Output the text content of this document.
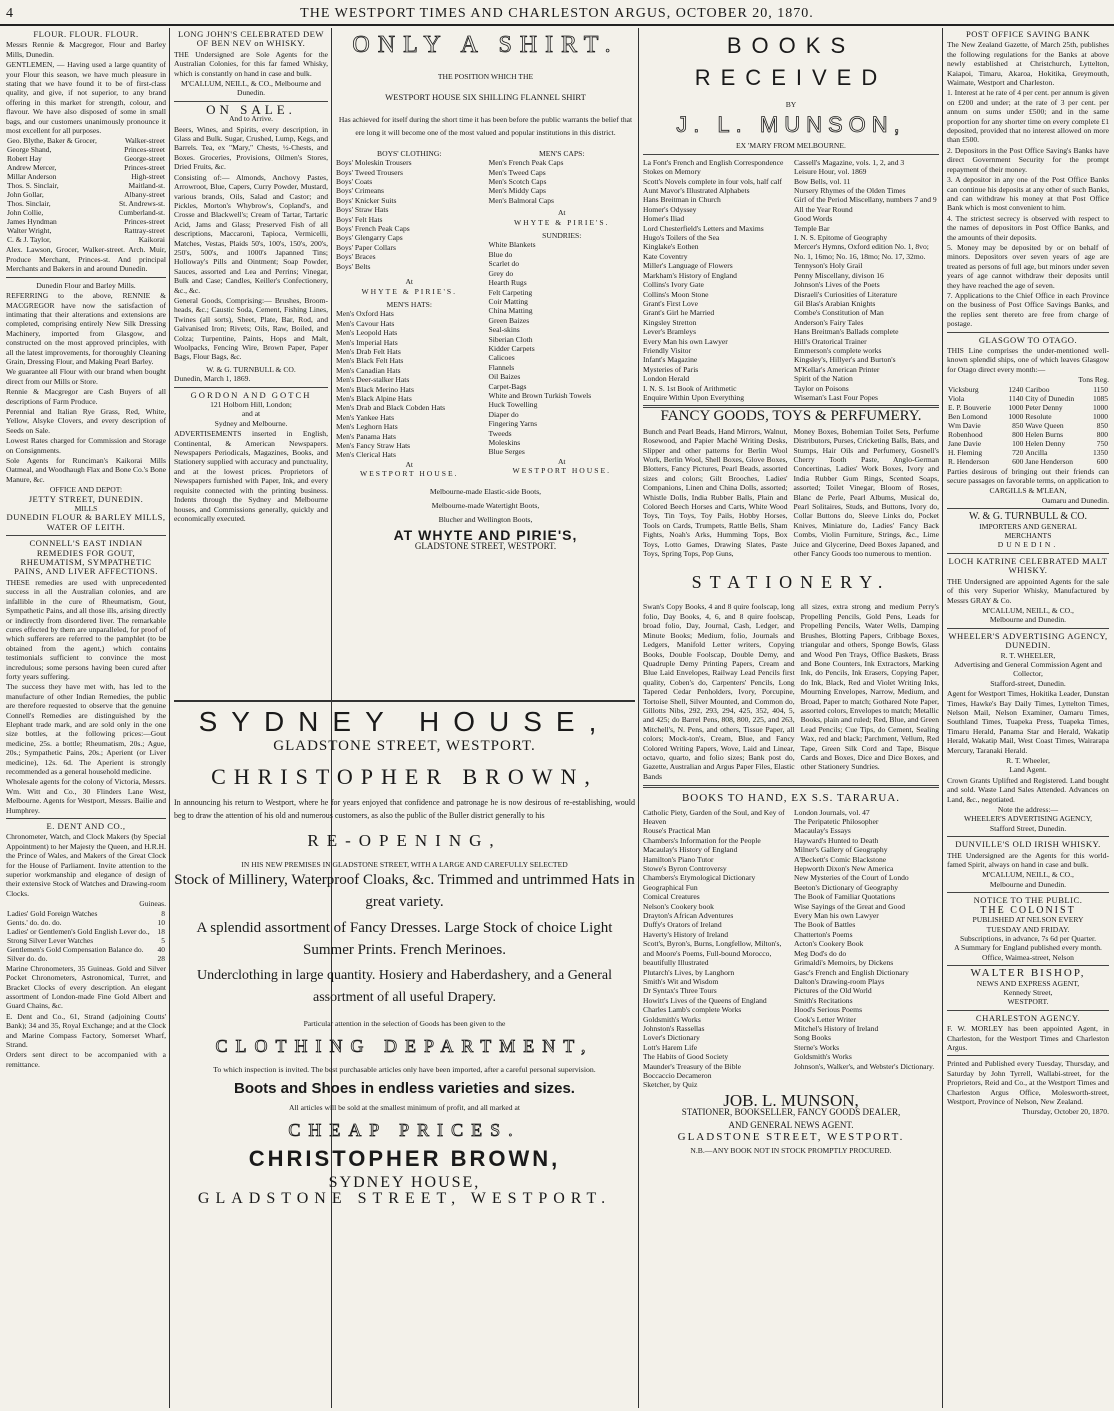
4	THE WESTPORT TIMES AND CHARLESTON ARGUS, OCTOBER 20, 1870.
FLOUR. FLOUR. FLOUR.

Messrs Rennie & Macgregor, Flour and Barley Mills, Dunedin.

GENTLEMEN, — Having used a large quantity of your Flour this season, we have much pleasure in stating that we have found it to be of first-class quality, and give, if not superior, to any brand offering in this market for strength, colour, and flavour. We have also disposed of some in small bags, and our customers unanimously pronounce it most excellent for all purposes.

Geo. Blythe, Baker & Grocer,	Walker-street
George Shand,	Princes-street
Robert Hay	George-street
Andrew Mercer,	Princes-street
Millar Anderson	High-street
Thos. S. Sinclair,	Maitland-st.
John Gollar,	Albany-street
Thos. Sinclair,	St. Andrews-st.
John Collie,	Cumberland-st.
James Hyndman	Princes-street
Walter Wright,	Rattray-street
C. & J. Taylor,	Kaikorai

Alex. Lawson, Grocer, Walker-street. Arch. Muir, Produce Merchant, Princes-st. And principal Merchants and Bakers in and around Dunedin.

Dunedin Flour and Barley Mills.

REFERRING to the above, RENNIE & MACGREGOR have now the satisfaction of intimating that their alterations and extensions are completed, comprising entirely New Silk Dressing Machinery, imported from Glasgow, and constructed on the most approved principles, with all the latest improvements, for thoroughly Cleaning Grain, Dressing Flour, and Making Pearl Barley.

We guarantee all Flour with our brand when bought direct from our Mills or Store.

Rennie & Macgregor are Cash Buyers of all descriptions of Farm Produce.

Perennial and Italian Rye Grass, Red, White, Yellow, Alsyke Clovers, and every description of Seeds on Sale.

Lowest Rates charged for Commission and Storage on Consignments.

Sole Agents for Runciman's Kaikorai Mills Oatmeal, and Woodhaugh Flax and Bone Co.'s Bone Manure, &c.

OFFICE AND DEPOT:
JETTY STREET, DUNEDIN.
MILLS
DUNEDIN FLOUR & BARLEY MILLS,
WATER OF LEITH.
CONNELL'S EAST INDIAN REMEDIES FOR GOUT, RHEUMATISM, SYMPATHETIC PAINS, AND LIVER AFFECTIONS.

THESE remedies are used with unprecedented success in all the Australian colonies, and are infallible in the cure of Rheumatism, Gout, Sympathetic Pains, and all those ills, arising directly or indirectly from disordered liver. The remarkable cures effected by them are unparalleled, for proof of which sufferers are referred to the pamphlet (to be obtained from the agent,) which contains testimonials sufficient to convince the most incredulous; some persons having been cured after forty years suffering.

The success they have met with, has led to the manufacture of other Indian Remedies, the public are therefore requested to observe that the genuine Connell's Remedies are distinguished by the Elephant trade mark, and are sold only in the one size bottles, at the following prices:—Gout medicine, 25s. a bottle; Rheumatism, 20s.; Ague, 20s.; Sympathetic Pains, 20s.; Aperient (or Liver medicine), 12s. 6d. The Aperient is strongly recommended as a general household medicine.

Wholesale agents for the colony of Victoria, Messrs. Wm. Witt and Co., 30 Flinders Lane West, Melbourne. Agents for Westport, Messrs. Bailie and Humphrey.

E. DENT AND CO.,

Chronometer, Watch, and Clock Makers (by Special Appointment) to her Majesty the Queen, and H.R.H. the Prince of Wales, and Makers of the Great Clock for the House of Parliament. Invite attention to the superior workmanship and elegance of design of their extensive Stock of Watches and Drawing-room Clocks.

Guineas.
Ladies' Gold Foreign Watches	8
Gents.' do. do. do.	10
Ladies' or Gentlemen's Gold English Lever do.,	18
Strong Silver Lever Watches	5
Gentlemen's Gold Compensation Balance do.	40
Silver do. do.	28

Marine Chronometers, 35 Guineas. Gold and Silver Pocket Chronometers, Astronomical, Turret, and Bracket Clocks of every description. An elegant assortment of London-made Fine Gold Albert and Guard Chains, &c.

E. Dent and Co., 61, Strand (adjoining Coutts' Bank); 34 and 35, Royal Exchange; and at the Clock and Marine Compass Factory, Somerset Wharf, Strand.

Orders sent direct to be accompanied with a remittance.

LONG JOHN'S CELEBRATED DEW OF BEN NEV on WHISKY.

THE Undersigned are Sole Agents for the Australian Colonies, for this far famed Whisky, which is constantly on hand in case and bulk.

M'CALLUM, NEILL, & CO., Melbourne and Dunedin.
ON SALE.
And to Arrive.

Beers, Wines, and Spirits, every description, in Glass and Bulk. Sugar, Crushed, Lump, Kegs, and Barrels. Tea, ex "Mary," Chests, ½-Chests, and Boxes. Groceries, Provisions, Oilmen's Stores, Dried Fruits, &c.

Consisting of:— Almonds, Anchovy Pastes, Arrowroot, Blue, Capers, Curry Powder, Mustard, various brands, Oils, Salad and Castor; and Pickles, Morton's Whybrow's, Copland's, and Crosse and Blackwell's; Cream of Tartar, Tartaric Acid, Jams and Glass; Preserved Fish of all descriptions, Maccaroni, Tapioca, Vermicelli, Matches, Vestas, Plaids 50's, 100's, 150's, 200's, 250's, 500's, and 1000's Japanned Tins; Holloway's Pills and Ointment; Soap Powder, Sauces, assorted and Lea and Perrins; Vinegar, Bulk and Case; Candles, Keiller's Confectionery, &c., &c.

General Goods, Comprising:— Brushes, Broom-heads, &c.; Caustic Soda, Cement, Fishing Lines, Twines (all sorts), Sheet, Plate, Bar, Rod, and Galvanised Iron; Rivets; Oils, Raw, Boiled, and Colza; Turpentine, Paints, Hops and Malt, Woolpacks, Fencing Wire, Brown Paper, Paper Bags, Flour Bags, &c.

W. & G. TURNBULL & CO.
Dunedin, March 1, 1869.
GORDON AND GOTCH
121 Holborn Hill, London;
and at
Sydney and Melbourne.

ADVERTISEMENTS inserted in English, Continental, & American Newspapers. Newspapers Periodicals, Magazines, Books, and Stationery supplied with accuracy and punctuality, and at the lowest prices. Proprietors of Newspapers furnished with Paper, Ink, and every requisite connected with the printing business. Indents through the Sydney and Melbourne houses, and Commissions generally, quickly and economically executed.

ONLY A SHIRT.
THE POSITION WHICH THE
WESTPORT HOUSE SIX SHILLING FLANNEL SHIRT

Has achieved for itself during the short time it has been before the public warrants the belief that ere long it will become one of the most valued and popular institutions in this district.

BOYS' CLOTHING:
Boys' Moleskin Trousers
Boys' Tweed Trousers
Boys' Coats
Boys' Crimeans
Boys' Knicker Suits
Boys' Straw Hats
Boys' Felt Hats
Boys' French Peak Caps
Boys' Glengarry Caps
Boys' Paper Collars
Boys' Braces
Boys' Belts
At
WHYTE & PIRIE'S.
MEN'S HATS:
Men's Oxford Hats
Men's Cavour Hats
Men's Leopold Hats
Men's Imperial Hats
Men's Drab Felt Hats
Men's Black Felt Hats
Men's Canadian Hats
Men's Deer-stalker Hats
Men's Black Merino Hats
Men's Black Alpine Hats
Men's Drab and Black Cobden Hats
Men's Yankee Hats
Men's Leghorn Hats
Men's Panama Hats
Men's Fancy Straw Hats
Men's Clerical Hats
At
WESTPORT HOUSE.
MEN'S CAPS:
Men's French Peak Caps
Men's Tweed Caps
Men's Scotch Caps
Men's Middy Caps
Men's Balmoral Caps
At
WHYTE & PIRIE'S.
SUNDRIES:
White Blankets
Blue do
Scarlet do
Grey do
Hearth Rugs
Felt Carpeting
Coir Matting
China Matting
Green Baizes
Seal-skins
Siberian Cloth
Kidder Carpets
Calicoes
Flannels
Oil Baizes
Carpet-Bags
White and Brown Turkish Towels
Huck Towelling
Diaper do
Fingering Yarns
Tweeds
Moleskins
Blue Serges
At
WESTPORT HOUSE.
Melbourne-made Elastic-side Boots,
Melbourne-made Watertight Boots,
Blucher and Wellington Boots,
AT WHYTE AND PIRIE'S,
GLADSTONE STREET, WESTPORT.
SYDNEY HOUSE,
GLADSTONE STREET, WESTPORT.
CHRISTOPHER BROWN,

In announcing his return to Westport, where he for years enjoyed that confidence and patronage he is now desirous of re-establishing, would beg to draw the attention of his old and numerous customers, as also the public of the Buller district generally to his

RE-OPENING,
IN HIS NEW PREMISES IN GLADSTONE STREET, WITH A LARGE AND CAREFULLY SELECTED
Stock of Millinery, Waterproof Cloaks, &c. Trimmed and untrimmed Hats in great variety.
A splendid assortment of Fancy Dresses. Large Stock of choice Light Summer Prints. French Merinoes.
Underclothing in large quantity. Hosiery and Haberdashery, and a General assortment of all useful Drapery.
Particular attention in the selection of Goods has been given to the
CLOTHING DEPARTMENT,

To which inspection is invited. The best purchasable articles only have been imported, after a careful personal supervision.

Boots and Shoes in endless varieties and sizes.
All articles will be sold at the smallest minimum of profit, and all marked at
CHEAP PRICES.
CHRISTOPHER BROWN,
SYDNEY HOUSE,
GLADSTONE STREET, WESTPORT.
BOOKS RECEIVED
BY
J. L. MUNSON,
EX 'MARY FROM MELBOURNE.
La Font's French and English Correspondence
Stokes on Memory
Scott's Novels complete in four vols, half calf
Aunt Mavor's Illustrated Alphabets
Hans Breitman in Church
Homer's Odyssey
Homer's Iliad
Lord Chesterfield's Letters and Maxims
Hugo's Toilers of the Sea
Kinglake's Eothen
Kate Coventry
Miller's Language of Flowers
Markham's History of England
Collins's Ivory Gate
Collins's Moon Stone
Grant's First Love
Grant's Girl he Married
Kingsley Stretton
Lever's Bramleys
Every Man his own Lawyer
Friendly Visitor
Infant's Magazine
Mysteries of Paris
London Herald
I. N. S. 1st Book of Arithmetic
Enquire Within Upon Everything
Cassell's Magazine, vols. 1, 2, and 3
Leisure Hour, vol. 1869
Bow Bells, vol. 11
Nursery Rhymes of the Olden Times
Girl of the Period Miscellany, numbers 7 and 9
All the Year Round
Good Words
Temple Bar
I. N. S. Epitome of Geography
Mercer's Hymns, Oxford edition No. 1, 8vo; No. 1, 16mo; No. 16, 18mo; No. 17, 32mo.
Tennyson's Holy Grail
Penny Miscellany, divison 16
Johnson's Lives of the Poets
Disraeli's Curiosities of Literature
Gil Blas's Arabian Knights
Combe's Constitution of Man
Anderson's Fairy Tales
Hans Breitman's Ballads complete
Hill's Oratorical Trainer
Emmerson's complete works
Kingsley's, Hillyer's and Burton's
M'Kellar's American Printer
Spirit of the Nation
Taylor on Poisons
Wiseman's Last Four Popes
FANCY GOODS, TOYS & PERFUMERY.

Bunch and Pearl Beads, Hand Mirrors, Walnut, Rosewood, and Papier Maché Writing Desks, Slipper and other patterns for Berlin Wool Work, Berlin Wool, Shell Boxes, Glove Boxes, Blotters, Fancy Pictures, Pearl Beads, assorted sizes and colors; Gilt Brooches, Ladies' Companions, Linen and China Dolls, assorted; Whistle Dolls, India Rubber Balls, Plain and Colored Beech Horses and Carts, White Wood Toys, Tin Toys, Toy Pails, Hobby Horses, Tools on Cards, Trumpets, Rattle Bells, Sham Fights, Noah's Arks, Humming Tops, Box Toys, Lotto Games, Drawing Slates, Paste Toys, Spring Tops, Pop Guns,

Money Boxes, Bohemian Toilet Sets, Perfume Distributors, Purses, Cricketing Balls, Bats, and Stumps, Hair Oils and Perfumery, Gosnell's Cherry Tooth Paste, Anglo-German Concertinas, Ladies' Work Boxes, Ivory and India Rubber Gum Rings, Scented Soaps, assorted; Toilet Vinegar, Bloom of Roses, Blanc de Perle, Pearl Albums, Musical do, Pearl Solitaires, Studs, and Buttons, Ivory do, Collar Buttons do, Sleeve Links do, Pocket Knives, Miniature do, Ladies' Fancy Back Combs, Violin Furniture, Strings, &c., Lime Juice and Glycerine, Deed Boxes Japaned, and other Fancy Goods too numerous to mention.

STATIONERY.

Swan's Copy Books, 4 and 8 quire foolscap, long folio, Day Books, 4, 6, and 8 quire foolscap, broad folio, Day, Journal, Cash, Ledger, and Minute Books; Medium, folio, Journals and Ledgers, Manifold Letter writers, Copying Books, Double Foolscap, Double Demy, and Quadruple Demy Printing Papers, Cream and Blue Laid Envelopes, Railway Lead Pencils first quality, Coben's do, Carpenters' Pencils, Long Tapered Cedar Penholders, Ivory, Porcupine, Tortoise Shell, Silver Mounted, and Common do, Gillotts Nibs, 292, 293, 294, 425, 352, 404, 5, and 425; do Barrel Pens, 808, 800, 225, and 263, Mitchell's, N. Pens, and others, Tissue Paper, all colors; Mock-ton's, Cream, Blue, and Fancy Colored Writing Papers, Wove, Laid and Linear, octavo, quarto, and folio sizes; Bank post do, Gazette, Australian and Argus Paper Files, Elastic Bands

all sizes, extra strong and medium Perry's Propelling Pencils, Gold Pens, Leads for Propelling Pencils, Water Wells, Damping Brushes, Blotting Papers, Cribbage Boxes, triangular and others, Sponge Bowls, Glass and Wood Pen Trays, Office Baskets, Brass and Bone Counters, Ink Extractors, Marking Ink, do Pencils, Ink Erasers, Copying Paper, do Ink, Black, Red and Violet Writing Inks, Mourning Envelopes, Narrow, Medium, and Broad, Paper to match; Gothared Note Paper, assorted colors, Envelopes to match; Metallic Books, plain and ruled; Red, Blue, and Green Lead Pencils; Cue Tips, do Cement, Sealing Wax, red and black; Parchment, Vellum, Red Tape, Green Silk Cord and Tape, Bisque Cards and Boxes, Dice and Dice Boxes, and other Stationery Sundries.

BOOKS TO HAND, EX S.S. TARARUA.
Catholic Piety, Garden of the Soul, and Key of Heaven
Rouse's Practical Man
Chambers's Information for the People
Macaulay's History of England
Hamilton's Piano Tutor
Stowe's Byron Controversy
Chambers's Etymological Dictionary
Geographical Fun
Comical Creatures
Nelson's Cookery book
Drayton's African Adventures
Duffy's Orators of Ireland
Haverty's History of Ireland
Scott's, Byron's, Burns, Longfellow, Milton's, and Moore's Poems, Full-bound Morocco, beautifully Illustrated
Plutarch's Lives, by Langhorn
Smith's Wit and Wisdom
Dr Syntax's Three Tours
Howitt's Lives of the Queens of England
Charles Lamb's complete Works
Goldsmith's Works
Johnston's Rassellas
Lover's Dictionary
Lott's Harem Life
The Habits of Good Society
Maunder's Treasury of the Bible
Boccaccio Decameron
Sketcher, by Quiz
London Journals, vol. 47
The Peripatetic Philosopher
Macaulay's Essays
Hayward's Hunted to Death
Milner's Gallery of Geography
A'Beckett's Comic Blackstone
Hepworth Dixon's New America
New Mysteries of the Court of Londo
Beeton's Dictionary of Geography
The Book of Familiar Quotations
Wise Sayings of the Great and Good
Every Man his own Lawyer
The Book of Battles
Chatterton's Poems
Acton's Cookery Book
Meg Dod's do do
Grimaldi's Memoirs, by Dickens
Gasc's French and English Dictionary
Dalton's Drawing-room Plays
Pictures of the Old World
Smith's Recitations
Hood's Serious Poems
Cook's Letter Writer
Mitchel's History of Ireland
Song Books
Sterne's Works
Goldsmith's Works
Johnson's, Walker's, and Webster's Dictionary.
JOB. L. MUNSON,
STATIONER, BOOKSELLER, FANCY GOODS DEALER,
AND GENERAL NEWS AGENT.
GLADSTONE STREET, WESTPORT.
N.B.—ANY BOOK NOT IN STOCK PROMPTLY PROCURED.
POST OFFICE SAVING BANK

The New Zealand Gazette, of March 25th, publishes the following regulations for the Banks at above newly established at Christchurch, Lyttelton, Kaiapoi, Timaru, Akaroa, Hokitika, Greymouth, Waimate, Westport and Charleston.

1. Interest at he rate of 4 per cent. per annum is given on £200 and under; at the rate of 3 per cent. per annum on sums under £500; and in the same proportion for any shorter time on every complete £1 deposited, provided that no interest allowed on more than £500.

2. Depositors in the Post Office Saving's Banks have direct Government Security for the prompt repayment of their money.

3. A depositor in any one of the Post Office Banks can continue his deposits at any other of such Banks, and can withdraw his money at that Post Office Bank which is most convenient to him.

4. The strictest secrecy is observed with respect to the names of depositors in Post Office Banks, and the amounts of their deposits.

5. Money may be deposited by or on behalf of minors. Depositors over seven years of age are treated as persons of full age, but minors under seven years of age cannot withdraw their deposits until they have reached the age of seven.

7. Applications to the Chief Office in each Province on the business of Post Office Savings Banks, and the replies sent thereto are free from charge of postage.

GLASGOW TO OTAGO.

THIS Line comprises the under-mentioned well-known splendid ships, one of which leaves Glasgow for Otago direct every month:—

Tons Reg.
Vicksburg	1240	Cariboo	1150
Viola	1140	City of Dunedin	1085
E. P. Bouverie	1000	Peter Denny	1000
Ben Lomond	1000	Resolute	1000
Wm Davie	850	Wave Queen	850
Robenhood	800	Helen Burns	800
Jane Davie	100	Helen Denny	750
H. Fleming	720	Ancilla	1350
R. Henderson	600	Jane Henderson	600

Parties desirous of bringing out their friends can secure passages on favorable terms, on application to

CARGILLS & M'LEAN,
Oamaru and Dunedin.
W. & G. TURNBULL & CO.
IMPORTERS AND GENERAL
MERCHANTS
DUNEDIN.
LOCH KATRINE CELEBRATED MALT WHISKY.

THE Undersigned are appointed Agents for the sale of this very Superior Whisky, Manufactured by Messrs GRAY & Co.

M'CALLUM, NEILL, & CO.,
Melbourne and Dunedin.
WHEELER'S ADVERTISING AGENCY, DUNEDIN.
R. T. WHEELER,
Advertising and General Commission Agent and Collector,
Stafford-street, Dunedin.

Agent for Westport Times, Hokitika Leader, Dunstan Times, Hawke's Bay Daily Times, Lyttelton Times, Nelson Mail, Nelson Examiner, Oamaru Times, Southland Times, Tuapeka Press, Tuapeka Times, Timaru Herald, Panama Star and Herald, Wakatip Herald, Wakatip Mail, West Coast Times, Wairarapa Mercury, Taranaki Herald.

R. T. Wheeler,
Land Agent.

Crown Grants Uplifted and Registered. Land bought and sold. Waste Land Sales Attended. Advances on Land, &c., negotiated.

Note the address:—
WHEELER'S ADVERTISING AGENCY,
Stafford Street, Dunedin.
DUNVILLE'S OLD IRISH WHISKY.

THE Undersigned are the Agents for this world-famed Spirit, always on hand in case and bulk.

M'CALLUM, NEILL, & CO.,
Melbourne and Dunedin.
NOTICE TO THE PUBLIC.
THE COLONIST
PUBLISHED AT NELSON EVERY
TUESDAY AND FRIDAY.
Subscriptions, in advance, 7s 6d per Quarter.
A Summary for England published every month.
Office, Waimea-street, Nelson
WALTER BISHOP,
NEWS AND EXPRESS AGENT,
Kennedy Street,
WESTPORT.
CHARLESTON AGENCY.

F. W. MORLEY has been appointed Agent, in Charleston, for the Westport Times and Charleston Argus.

Printed and Published every Tuesday, Thursday, and Saturday by John Tyrrell, Wallabi-street, for the Proprietors, Reid and Co., at the Westport Times and Charleston Argus Office, Molesworth-street, Westport, Province of Nelson, New Zealand.

Thursday, October 20, 1870.
